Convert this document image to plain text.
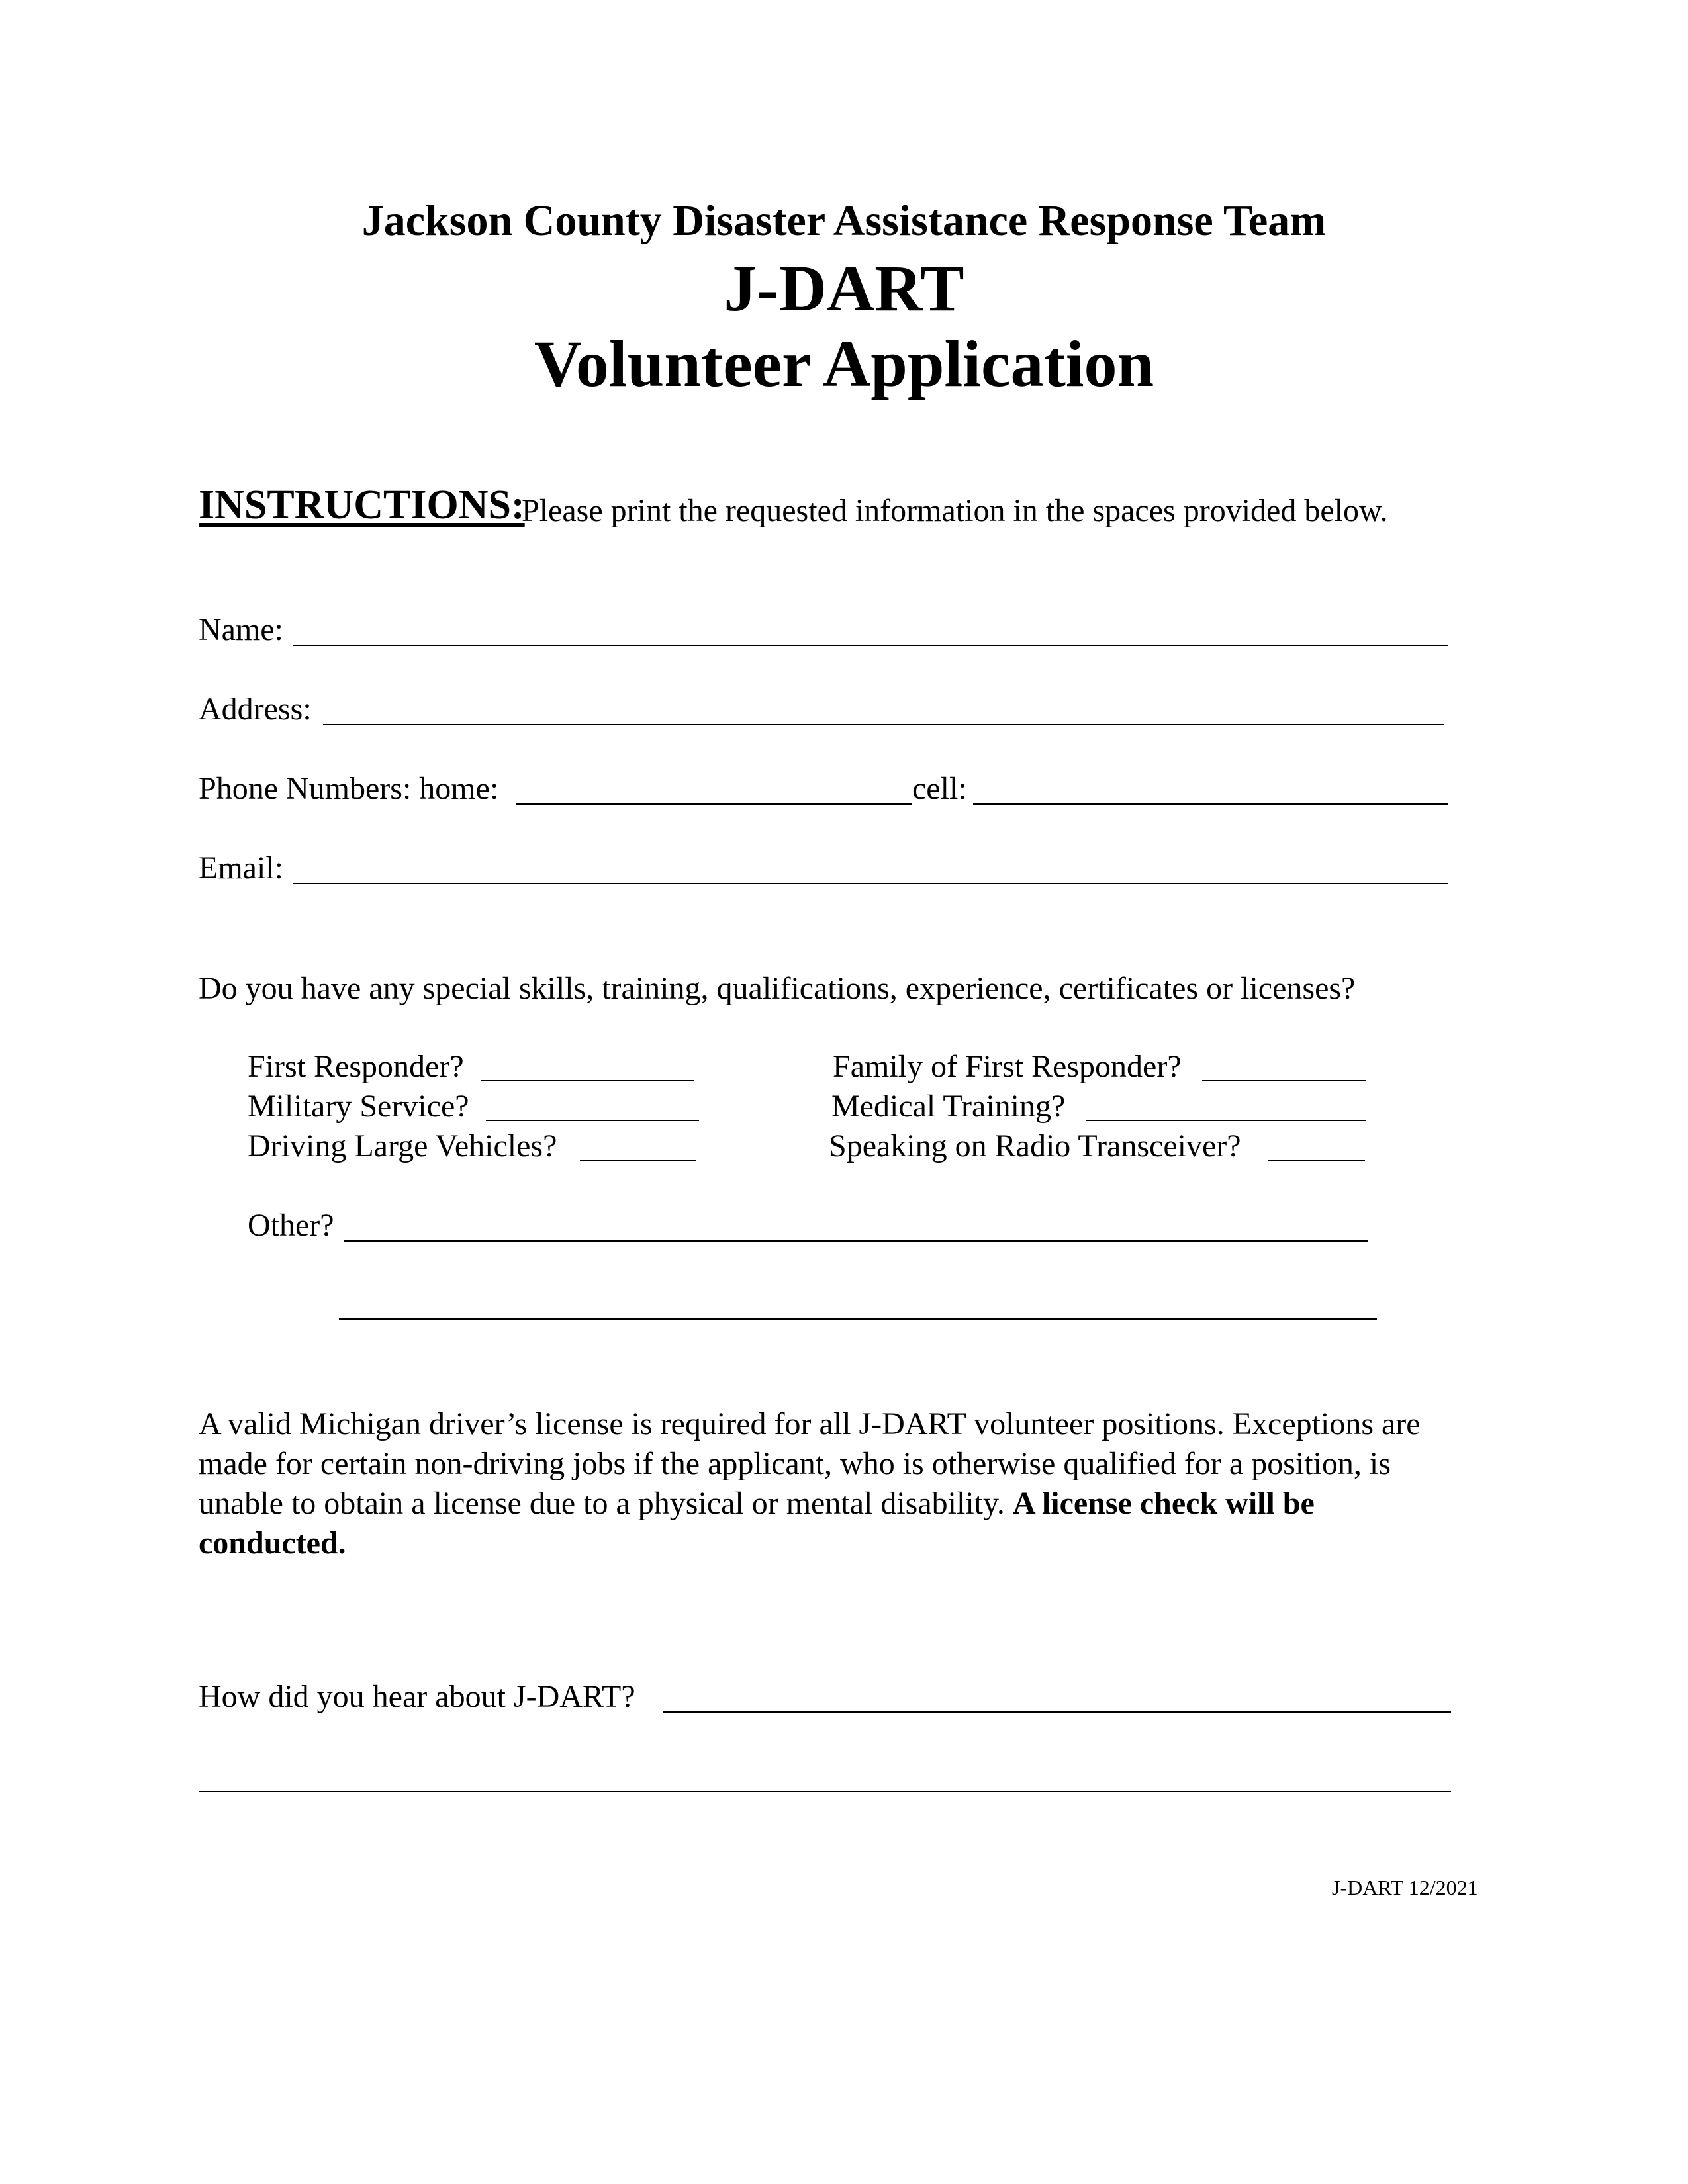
Jackson County Disaster Assistance Response Team
J-DART
Volunteer Application
INSTRUCTIONS:
Please print the requested information in the spaces provided below.
Name:
Address:
Phone Numbers: home:	cell:
Email:
Do you have any special skills, training, qualifications, experience, certificates or licenses?
First Responder?
Military Service?
Driving Large Vehicles?
Family of First Responder?
Medical Training?
Speaking on Radio Transceiver?
Other?
A valid Michigan driver’s license is required for all J-DART volunteer positions. Exceptions are
made for certain non-driving jobs if the applicant, who is otherwise qualified for a position, is
unable to obtain a license due to a physical or mental disability. A license check will be
conducted.
How did you hear about J-DART?
J-DART 12/2021
